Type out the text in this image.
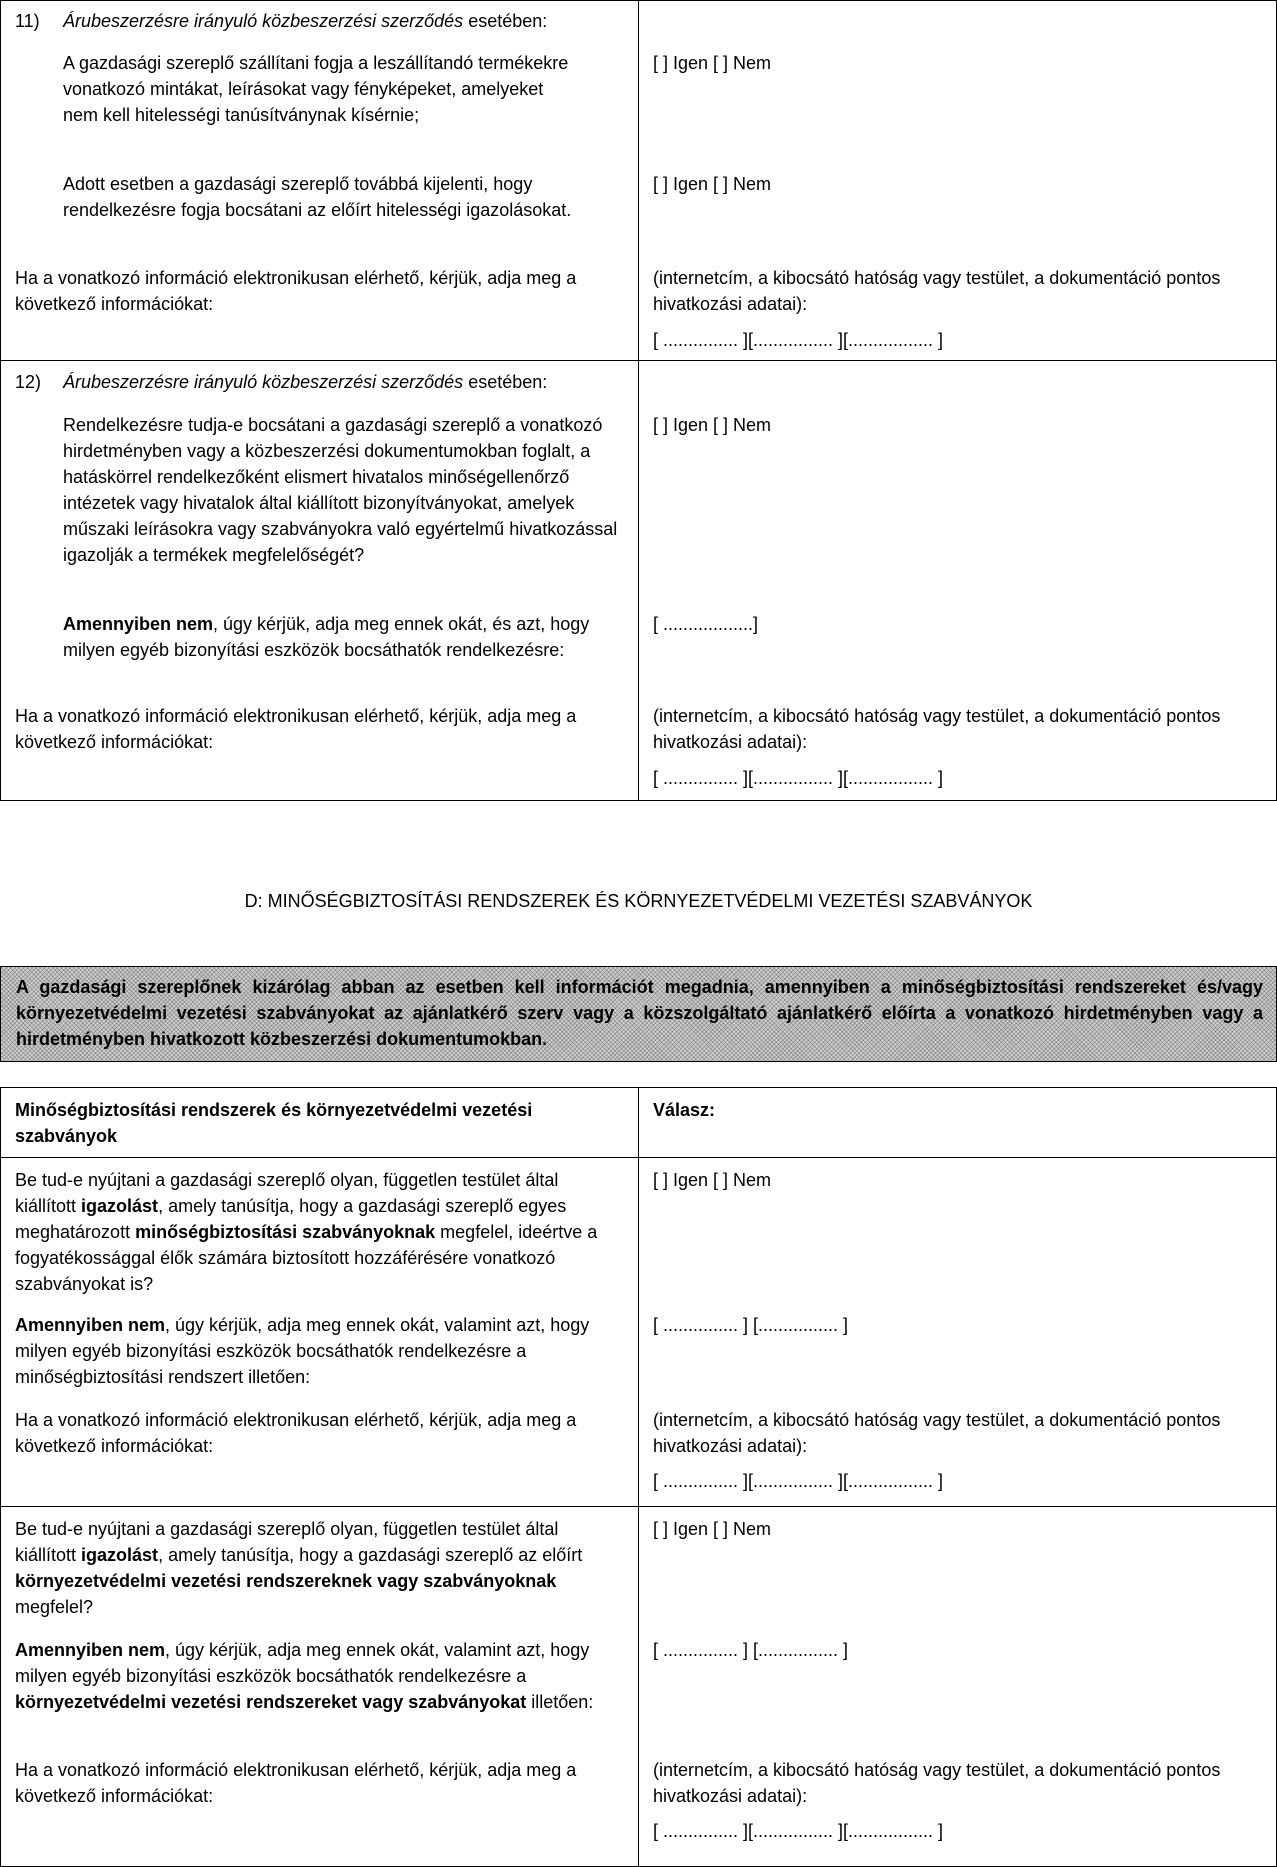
11) Árubeszerzésre irányuló közbeszerzési szerződés esetében:

A gazdasági szereplő szállítani fogja a leszállítandó termékekre vonatkozó mintákat, leírásokat vagy fényképeket, amelyeket nem kell hitelességi tanúsítványnak kísérnie;

[ ] Igen [ ] Nem

Adott esetben a gazdasági szereplő továbbá kijelenti, hogy rendelkezésre fogja bocsátani az előírt hitelességi igazolásokat.

[ ] Igen [ ] Nem

Ha a vonatkozó információ elektronikusan elérhető, kérjük, adja meg a következő információkat:

(internetcím, a kibocsátó hatóság vagy testület, a dokumentáció pontos hivatkozási adatai):

[ ............... ][................ ][................. ]

12) Árubeszerzésre irányuló közbeszerzési szerződés esetében:

Rendelkezésre tudja-e bocsátani a gazdasági szereplő a vonatkozó hirdetményben vagy a közbeszerzési dokumentumokban foglalt, a hatáskörrel rendelkezőként elismert hivatalos minőségellenőrző intézetek vagy hivatalok által kiállított bizonyítványokat, amelyek műszaki leírásokra vagy szabványokra való egyértelmű hivatkozással igazolják a termékek megfelelőségét?

[ ] Igen [ ] Nem

Amennyiben nem, úgy kérjük, adja meg ennek okát, és azt, hogy milyen egyéb bizonyítási eszközök bocsáthatók rendelkezésre:

[ ..................]

Ha a vonatkozó információ elektronikusan elérhető, kérjük, adja meg a következő információkat:

(internetcím, a kibocsátó hatóság vagy testület, a dokumentáció pontos hivatkozási adatai):

[ ............... ][................ ][................. ]

D: MINŐSÉGBIZTOSÍTÁSI RENDSZEREK ÉS KÖRNYEZETVÉDELMI VEZETÉSI SZABVÁNYOK

A gazdasági szereplőnek kizárólag abban az esetben kell információt megadnia, amennyiben a minőségbiztosítási rendszereket és/vagy környezetvédelmi vezetési szabványokat az ajánlatkérő szerv vagy a közszolgáltató ajánlatkérő előírta a vonatkozó hirdetményben vagy a hirdetményben hivatkozott közbeszerzési dokumentumokban.

Minőségbiztosítási rendszerek és környezetvédelmi vezetési szabványok

Válasz:

Be tud-e nyújtani a gazdasági szereplő olyan, független testület által kiállított igazolást, amely tanúsítja, hogy a gazdasági szereplő egyes meghatározott minőségbiztosítási szabványoknak megfelel, ideértve a fogyatékossággal élők számára biztosított hozzáférésére vonatkozó szabványokat is?

[ ] Igen [ ] Nem

Amennyiben nem, úgy kérjük, adja meg ennek okát, valamint azt, hogy milyen egyéb bizonyítási eszközök bocsáthatók rendelkezésre a minőségbiztosítási rendszert illetően:

[ ............... ] [................ ]

Ha a vonatkozó információ elektronikusan elérhető, kérjük, adja meg a következő információkat:

(internetcím, a kibocsátó hatóság vagy testület, a dokumentáció pontos hivatkozási adatai):

[ ............... ][................ ][................. ]

Be tud-e nyújtani a gazdasági szereplő olyan, független testület által kiállított igazolást, amely tanúsítja, hogy a gazdasági szereplő az előírt környezetvédelmi vezetési rendszereknek vagy szabványoknak megfelel?

[ ] Igen [ ] Nem

Amennyiben nem, úgy kérjük, adja meg ennek okát, valamint azt, hogy milyen egyéb bizonyítási eszközök bocsáthatók rendelkezésre a környezetvédelmi vezetési rendszereket vagy szabványokat illetően:

[ ............... ] [................ ]

Ha a vonatkozó információ elektronikusan elérhető, kérjük, adja meg a következő információkat:

(internetcím, a kibocsátó hatóság vagy testület, a dokumentáció pontos hivatkozási adatai):

[ ............... ][................ ][................. ]
